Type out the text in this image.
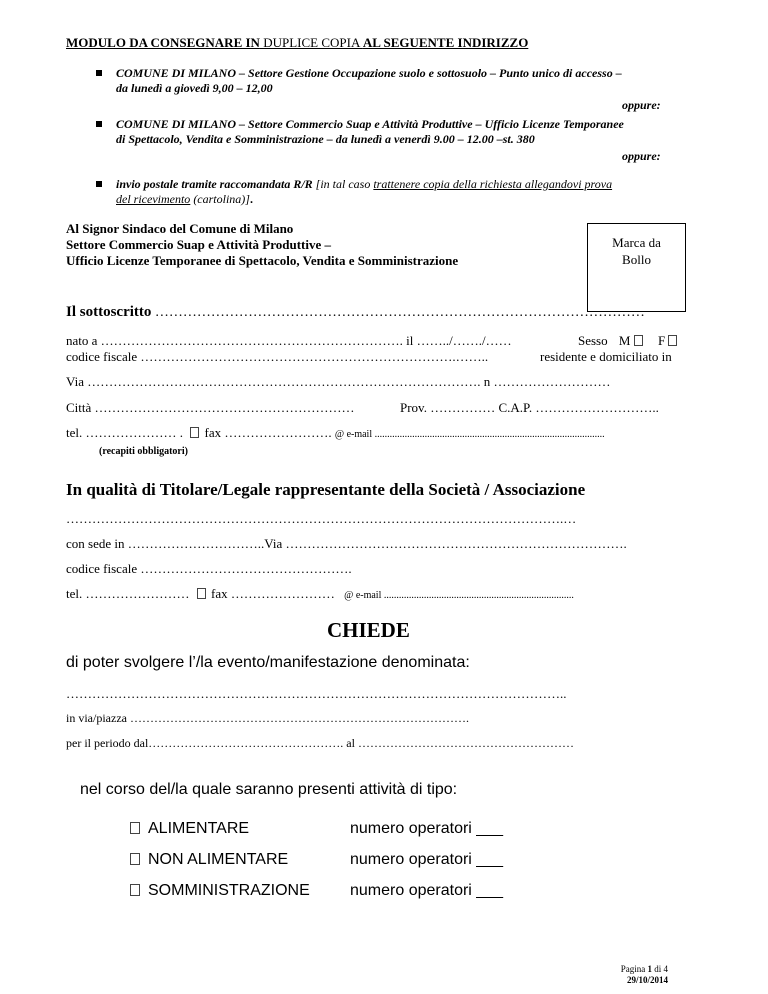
MODULO DA CONSEGNARE IN DUPLICE COPIA AL SEGUENTE INDIRIZZO
COMUNE DI MILANO – Settore Gestione Occupazione suolo e sottosuolo – Punto unico di accesso –
da lunedì a giovedì 9,00 – 12,00
oppure:
COMUNE DI MILANO – Settore Commercio Suap e Attività Produttive – Ufficio Licenze Temporanee
di Spettacolo, Vendita e Somministrazione – da lunedì a venerdì 9.00 – 12.00 –st. 380
oppure:
invio postale tramite raccomandata R/R [in tal caso trattenere copia della richiesta allegandovi prova
del ricevimento (cartolina)].
Al Signor Sindaco del Comune di Milano
Settore Commercio Suap e Attività Produttive –
Ufficio Licenze Temporanee di Spettacolo, Vendita e Somministrazione
Marca da
Bollo
Il sottoscritto ……………………………………………………………………………………………
nato a ……………………………………………………………. il ……../……./……	Sesso M F
codice fiscale ……………………………………………………………….……..	residente e domiciliato in
Via ………………………………………………………………………………. n ………………………
Città ……………………………………………………	Prov. …………… C.A.P. ………………………..
tel. ………………… . fax ……………………. @ e-mail ............................................................................................
(recapiti obbligatori)
In qualità di Titolare/Legale rappresentante della Società / Associazione
…………………………………………………………………………………………………….…
con sede in …………………………..Via …………………………………………………………………….
codice fiscale ………………………………………….
tel. …………………… fax …………………… @ e-mail ............................................................................
CHIEDE
di poter svolgere l’/la evento/manifestazione denominata:
……………………………………………………………………………………………………..
in via/piazza ………………………………………………………………………….
per il periodo dal…………………………………………. al ………………………………………………
nel corso del/la quale saranno presenti attività di tipo:
ALIMENTARE	numero operatori ___
NON ALIMENTARE	numero operatori ___
SOMMINISTRAZIONE	numero operatori ___
Pagina 1 di 4
29/10/2014
